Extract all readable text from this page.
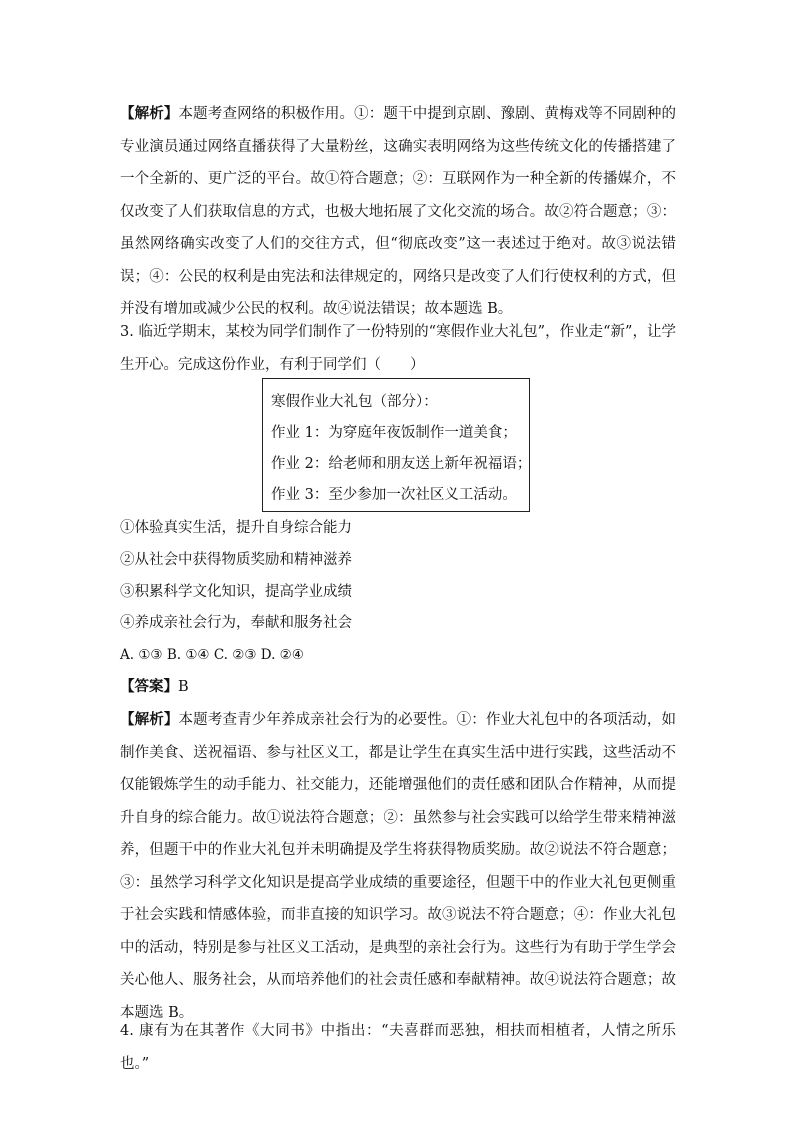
【解析】本题考查网络的积极作用。①：题干中提到京剧、豫剧、黄梅戏等不同剧种的专业演员通过网络直播获得了大量粉丝，这确实表明网络为这些传统文化的传播搭建了一个全新的、更广泛的平台。故①符合题意；②：互联网作为一种全新的传播媒介，不仅改变了人们获取信息的方式，也极大地拓展了文化交流的场合。故②符合题意；③：虽然网络确实改变了人们的交往方式，但“彻底改变”这一表述过于绝对。故③说法错误；④：公民的权利是由宪法和法律规定的，网络只是改变了人们行使权利的方式，但并没有增加或减少公民的权利。故④说法错误；故本题选 B。

3. 临近学期末，某校为同学们制作了一份特别的“寒假作业大礼包”，作业走“新”，让学生开心。完成这份作业，有利于同学们（　　）

寒假作业大礼包（部分）：
作业 1：为穿庭年夜饭制作一道美食；
作业 2：给老师和朋友送上新年祝福语；
作业 3：至少参加一次社区义工活动。

①体验真实生活，提升自身综合能力

②从社会中获得物质奖励和精神滋养

③积累科学文化知识，提高学业成绩

④养成亲社会行为，奉献和服务社会

A. ①③ B. ①④ C. ②③ D. ②④

【答案】B

【解析】本题考查青少年养成亲社会行为的必要性。①：作业大礼包中的各项活动，如制作美食、送祝福语、参与社区义工，都是让学生在真实生活中进行实践，这些活动不仅能锻炼学生的动手能力、社交能力，还能增强他们的责任感和团队合作精神，从而提升自身的综合能力。故①说法符合题意；②：虽然参与社会实践可以给学生带来精神滋养，但题干中的作业大礼包并未明确提及学生将获得物质奖励。故②说法不符合题意；③：虽然学习科学文化知识是提高学业成绩的重要途径，但题干中的作业大礼包更侧重于社会实践和情感体验，而非直接的知识学习。故③说法不符合题意；④：作业大礼包中的活动，特别是参与社区义工活动，是典型的亲社会行为。这些行为有助于学生学会关心他人、服务社会，从而培养他们的社会责任感和奉献精神。故④说法符合题意；故本题选 B。

4. 康有为在其著作《大同书》中指出：“夫喜群而恶独，相扶而相植者，人情之所乐也。”
